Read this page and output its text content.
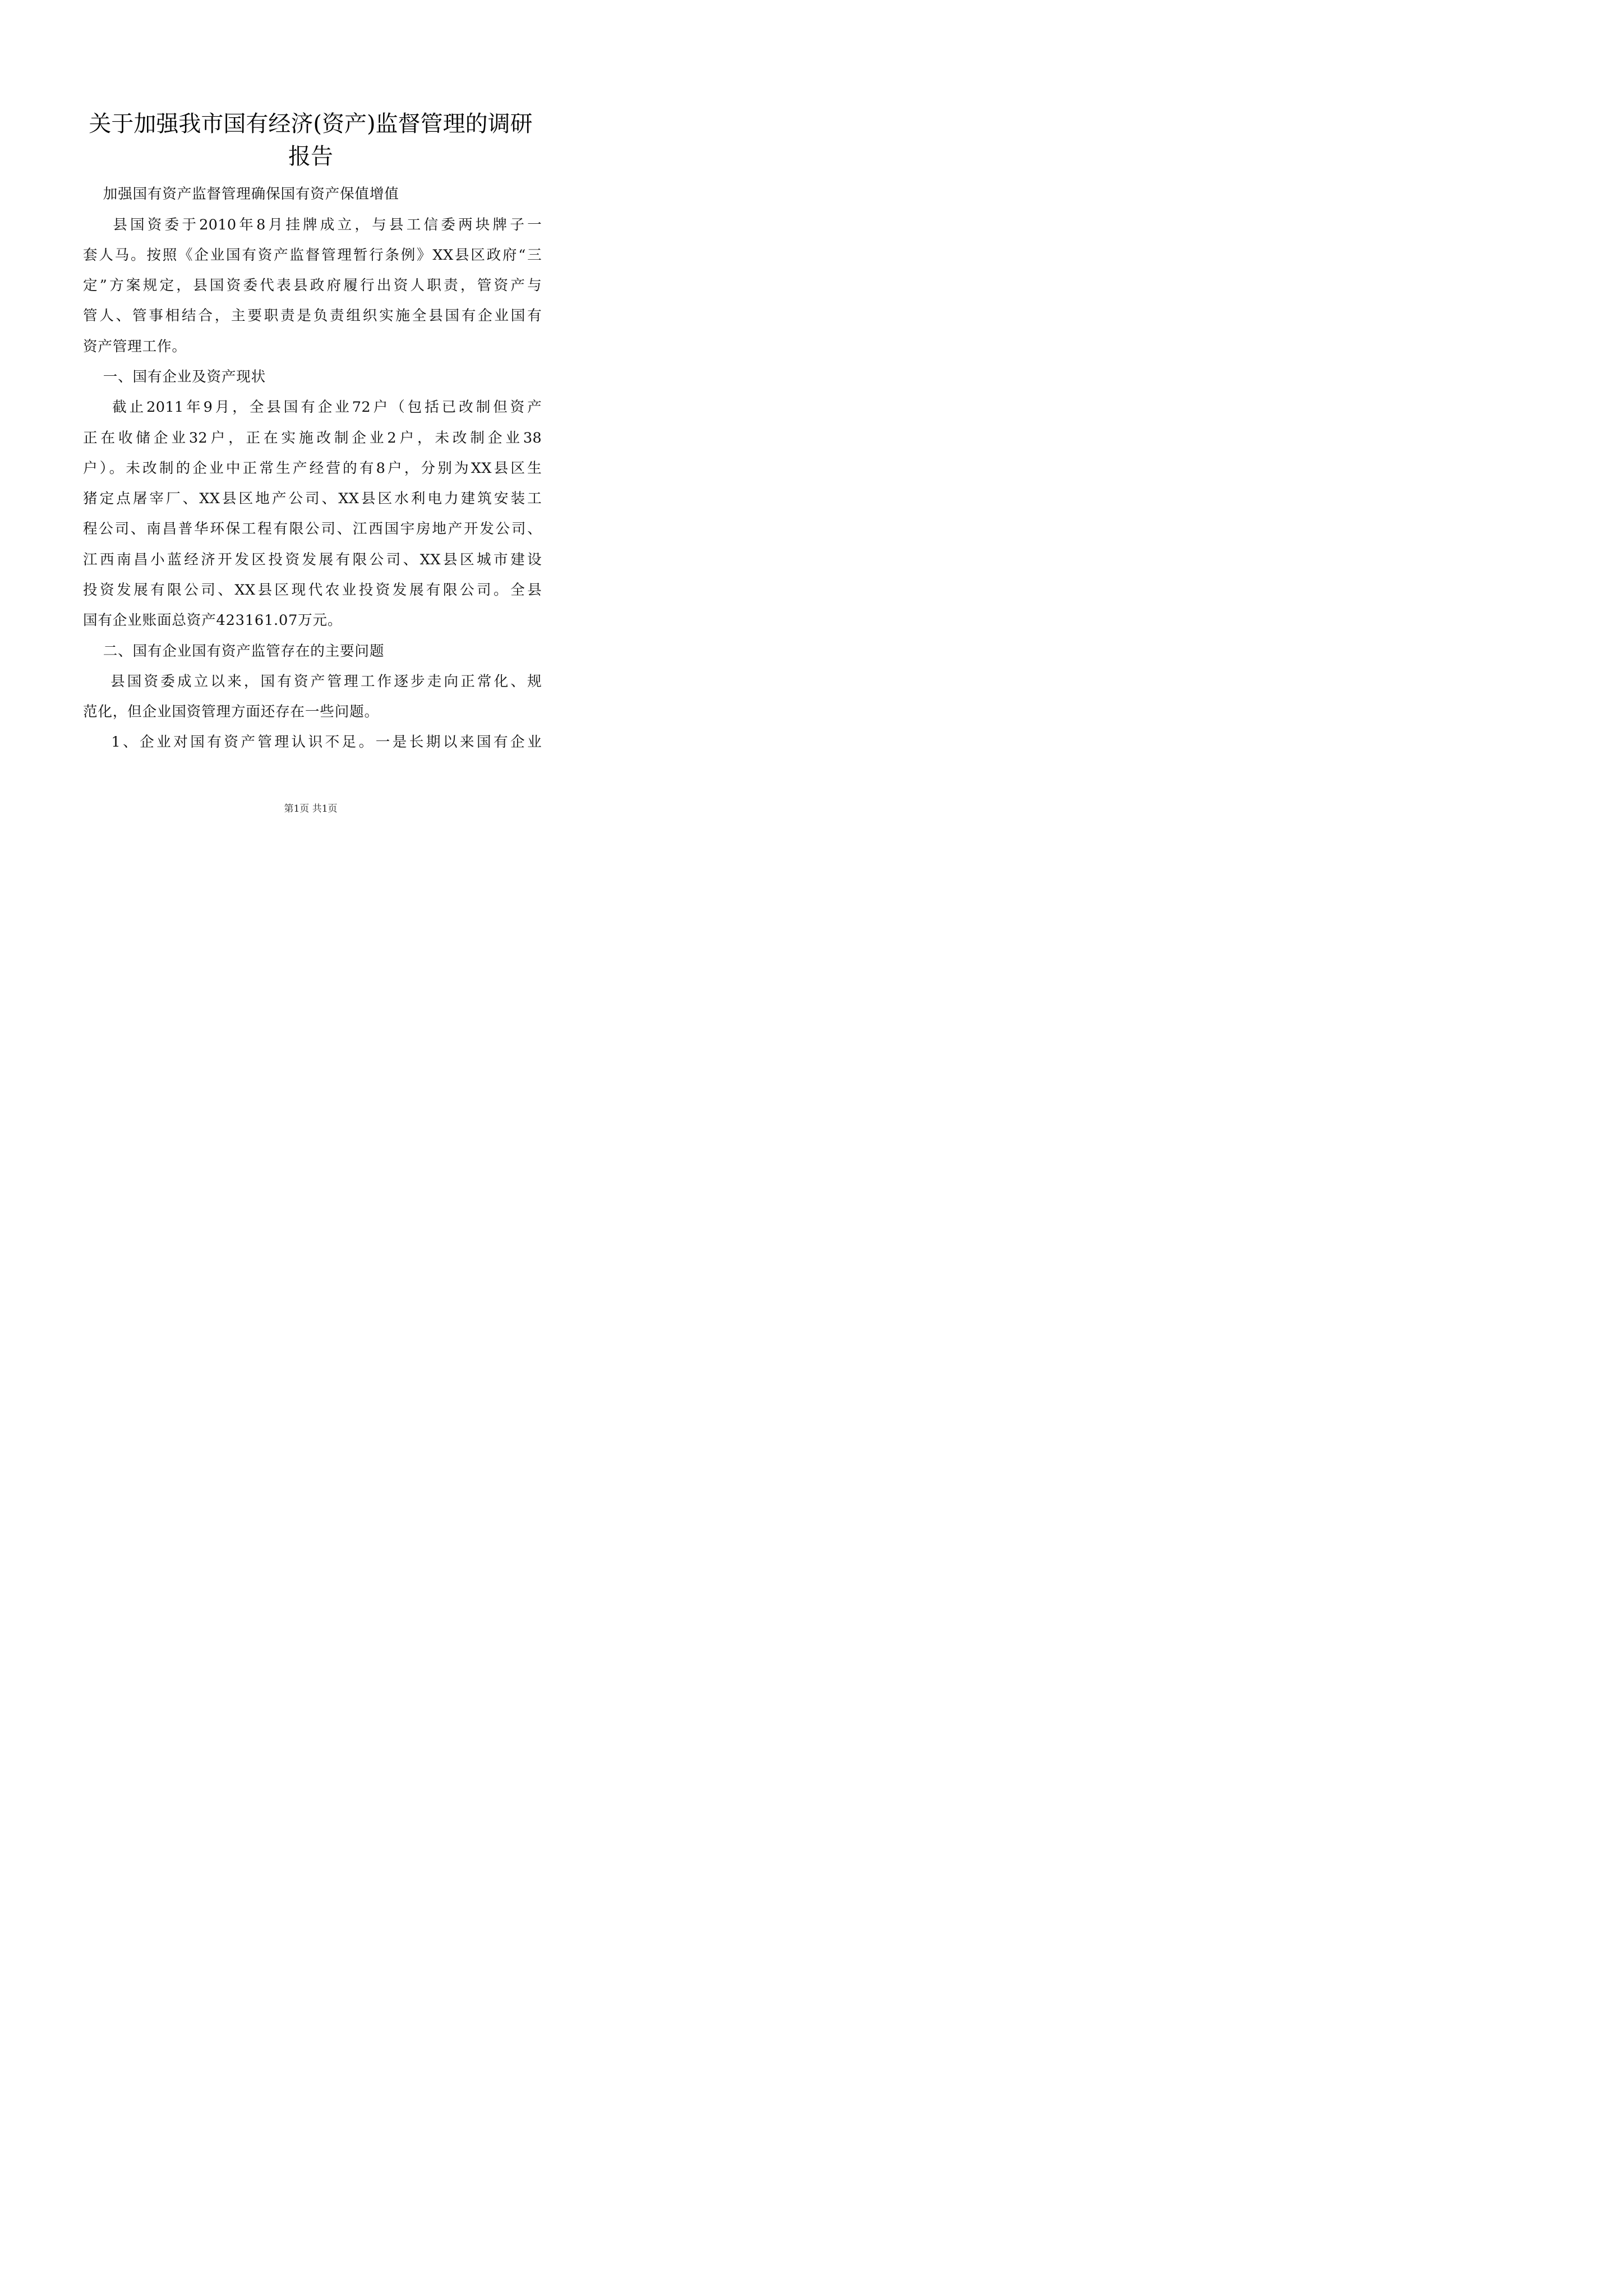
关于加强我市国有经济(资产)监督管理的调研
报告
加强国有资产监督管理确保国有资产保值增值
县国资委于2010年8月挂牌成立，与县工信委两块牌子一
套人马。按照《企业国有资产监督管理暂行条例》XX县区政府“三
定”方案规定，县国资委代表县政府履行出资人职责，管资产与
管人、管事相结合，主要职责是负责组织实施全县国有企业国有
资产管理工作。
一、国有企业及资产现状
截止2011年9月，全县国有企业72户（包括已改制但资产
正在收储企业32户，正在实施改制企业2户，未改制企业38
户）。未改制的企业中正常生产经营的有8户，分别为XX县区生
猪定点屠宰厂、XX县区地产公司、XX县区水利电力建筑安装工
程公司、南昌普华环保工程有限公司、江西国宇房地产开发公司、
江西南昌小蓝经济开发区投资发展有限公司、XX县区城市建设
投资发展有限公司、XX县区现代农业投资发展有限公司。全县
国有企业账面总资产423161.07万元。
二、国有企业国有资产监管存在的主要问题
县国资委成立以来，国有资产管理工作逐步走向正常化、规
范化，但企业国资管理方面还存在一些问题。
1、企业对国有资产管理认识不足。一是长期以来国有企业
第1页 共1页
